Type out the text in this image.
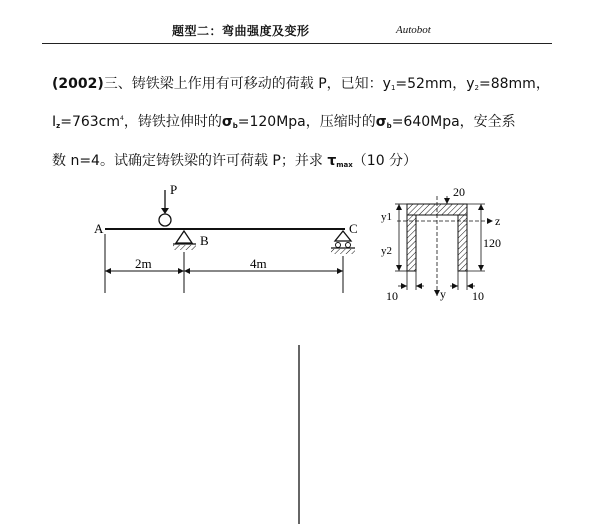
题型二：弯曲强度及变形	Autobot
(2002)三、铸铁梁上作用有可移动的荷载 P，已知：$y_1=52mm$，$y_2=88mm$，
$I_z=763cm^4$，铸铁拉伸时的$\sigma_b=120Mpa$，压缩时的$\sigma_b=640Mpa$，安全系
数 n=4。试确定铸铁梁的许可荷载 P；并求 $\tau_{max}(10$ 分）
A
P
B
C
2m	4m
z
y
20
y1
y2
120
10	10
